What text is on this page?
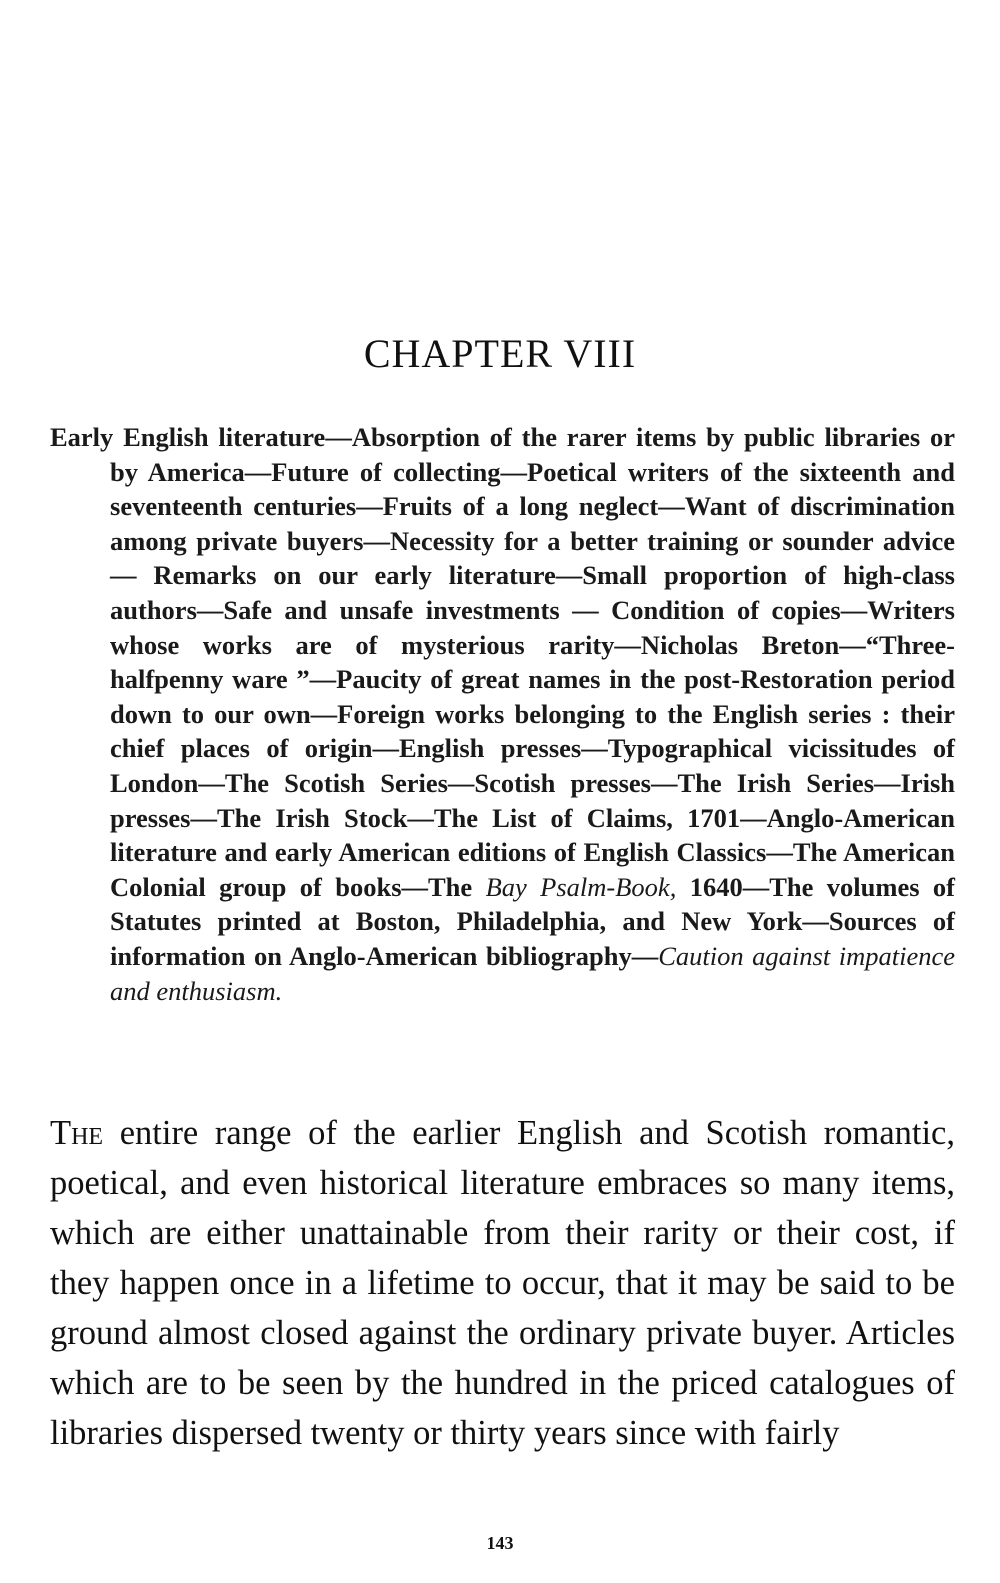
CHAPTER VIII

Early English literature—Absorption of the rarer items by public libraries or by America—Future of collecting—Poetical writers of the sixteenth and seventeenth centuries—Fruits of a long neglect—Want of discrimination among private buyers—Necessity for a better training or sounder advice — Remarks on our early literature—Small proportion of high-class authors—Safe and unsafe investments — Condition of copies—Writers whose works are of mysterious rarity—Nicholas Breton—“Three-halfpenny ware ”—Paucity of great names in the post-Restoration period down to our own—Foreign works belonging to the English series : their chief places of origin—English presses—Typographical vicissitudes of London—The Scotish Series—Scotish presses—The Irish Series—Irish presses—The Irish Stock—The List of Claims, 1701—Anglo-American literature and early American editions of English Classics—The American Colonial group of books—The Bay Psalm-Book, 1640—The volumes of Statutes printed at Boston, Philadelphia, and New York—Sources of information on Anglo-American bibliography—Caution against impatience and enthusiasm.

The entire range of the earlier English and Scotish romantic, poetical, and even historical literature embraces so many items, which are either unattainable from their rarity or their cost, if they happen once in a lifetime to occur, that it may be said to be ground almost closed against the ordinary private buyer. Articles which are to be seen by the hundred in the priced catalogues of libraries dispersed twenty or thirty years since with fairly

143
